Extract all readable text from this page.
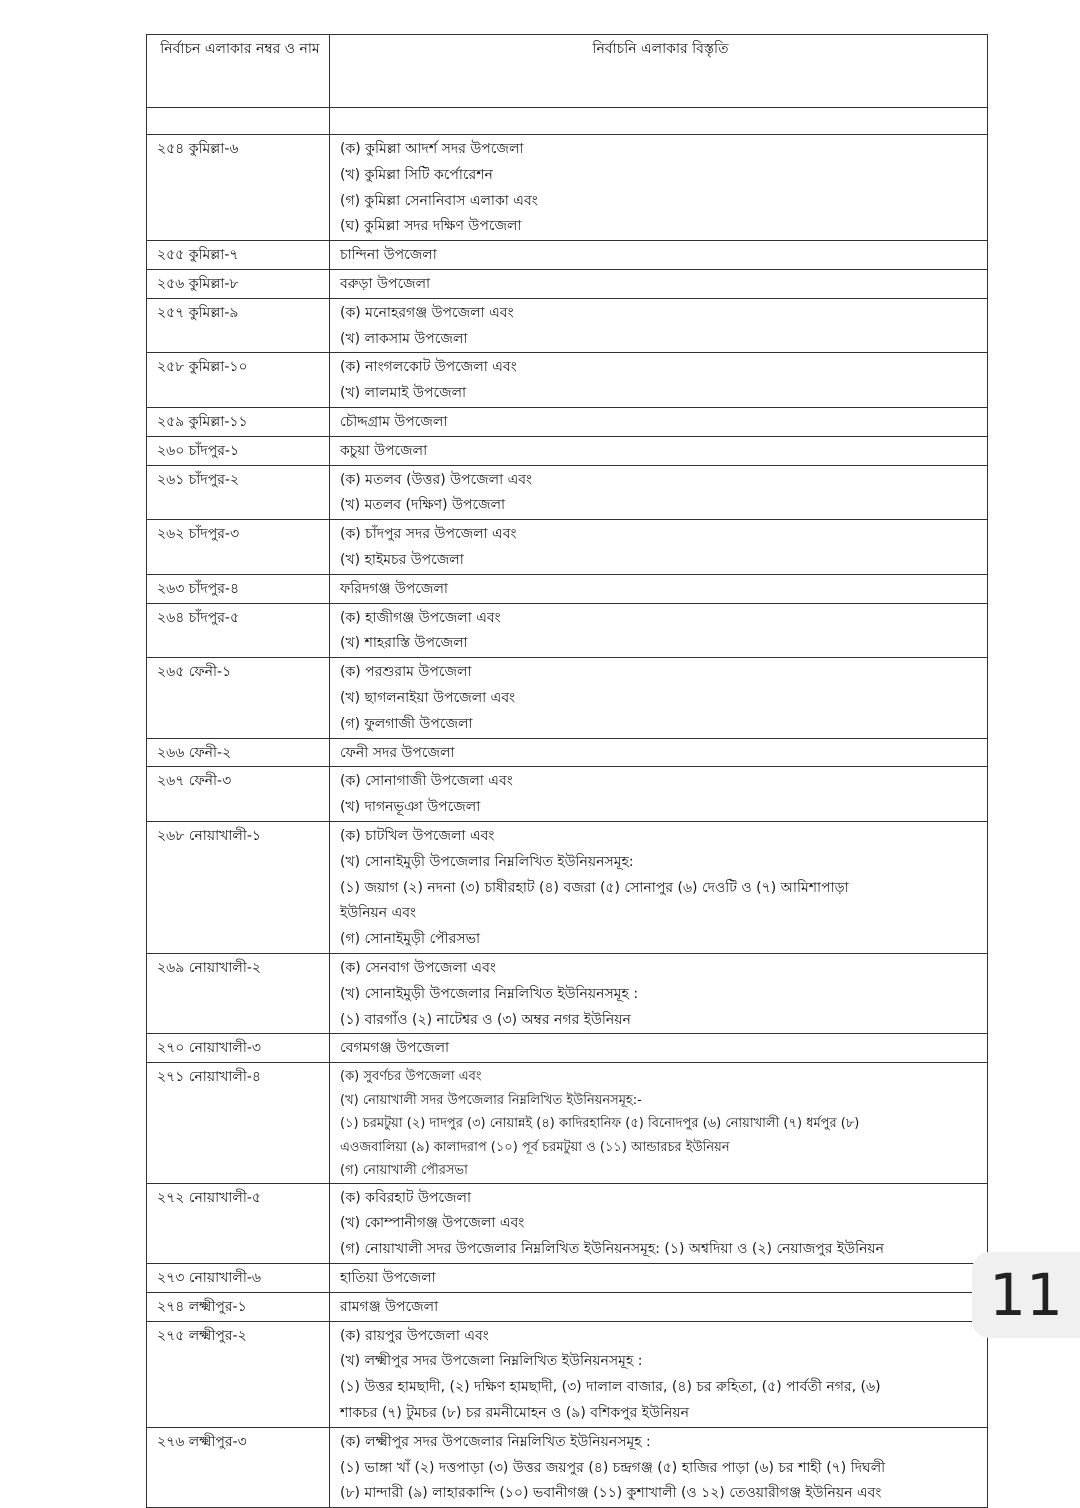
নির্বাচন এলাকার নম্বর ও নাম	নির্বাচনি এলাকার বিস্তৃতি

২৫৪ কুমিল্লা-৬	(ক) কুমিল্লা আদর্শ সদর উপজেলা
(খ) কুমিল্লা সিটি কর্পোরেশন
(গ) কুমিল্লা সেনানিবাস এলাকা এবং
(ঘ) কুমিল্লা সদর দক্ষিণ উপজেলা

২৫৫ কুমিল্লা-৭	চান্দিনা উপজেলা

২৫৬ কুমিল্লা-৮	বরুড়া উপজেলা

২৫৭ কুমিল্লা-৯	(ক) মনোহরগঞ্জ উপজেলা এবং
(খ) লাকসাম উপজেলা

২৫৮ কুমিল্লা-১০	(ক) নাংগলকোট উপজেলা এবং
(খ) লালমাই উপজেলা

২৫৯ কুমিল্লা-১১	চৌদ্দগ্রাম উপজেলা

২৬০ চাঁদপুর-১	কচুয়া উপজেলা

২৬১ চাঁদপুর-২	(ক) মতলব (উত্তর) উপজেলা এবং
(খ) মতলব (দক্ষিণ) উপজেলা

২৬২ চাঁদপুর-৩	(ক) চাঁদপুর সদর উপজেলা এবং
(খ) হাইমচর উপজেলা

২৬৩ চাঁদপুর-৪	ফরিদগঞ্জ উপজেলা

২৬৪ চাঁদপুর-৫	(ক) হাজীগঞ্জ উপজেলা এবং
(খ) শাহরাস্তি উপজেলা

২৬৫ ফেনী-১	(ক) পরশুরাম উপজেলা
(খ) ছাগলনাইয়া উপজেলা এবং
(গ) ফুলগাজী উপজেলা

২৬৬ ফেনী-২	ফেনী সদর উপজেলা

২৬৭ ফেনী-৩	(ক) সোনাগাজী উপজেলা এবং
(খ) দাগনভূঞা উপজেলা

২৬৮ নোয়াখালী-১	(ক) চাটখিল উপজেলা এবং
(খ) সোনাইমুড়ী উপজেলার নিম্নলিখিত ইউনিয়নসমূহ:
(১) জয়াগ (২) নদনা (৩) চাষীরহাট (৪) বজরা (৫) সোনাপুর (৬) দেওটি ও (৭) আমিশাপাড়া
ইউনিয়ন এবং
(গ) সোনাইমুড়ী পৌরসভা

২৬৯ নোয়াখালী-২	(ক) সেনবাগ উপজেলা এবং
(খ) সোনাইমুড়ী উপজেলার নিম্নলিখিত ইউনিয়নসমূহ :
(১) বারগাঁও (২) নাটেশ্বর ও (৩) অম্বর নগর ইউনিয়ন

২৭০ নোয়াখালী-৩	বেগমগঞ্জ উপজেলা

২৭১ নোয়াখালী-৪	(ক) সুবর্ণচর উপজেলা এবং
(খ) নোয়াখালী সদর উপজেলার নিম্নলিখিত ইউনিয়নসমূহ:-
(১) চরমটুয়া (২) দাদপুর (৩) নোয়ান্নই (৪) কাদিরহানিফ (৫) বিনোদপুর (৬) নোয়াখালী (৭) ধর্মপুর (৮)
এওজবালিয়া (৯) কালাদরাপ (১০) পূর্ব চরমটুয়া ও (১১) আন্ডারচর ইউনিয়ন
(গ) নোয়াখালী পৌরসভা

২৭২ নোয়াখালী-৫	(ক) কবিরহাট উপজেলা
(খ) কোম্পানীগঞ্জ উপজেলা এবং
(গ) নোয়াখালী সদর উপজেলার নিম্নলিখিত ইউনিয়নসমূহ: (১) অশ্বদিয়া ও (২) নেয়াজপুর ইউনিয়ন

২৭৩ নোয়াখালী-৬	হাতিয়া উপজেলা

২৭৪ লক্ষ্মীপুর-১	রামগঞ্জ উপজেলা

২৭৫ লক্ষ্মীপুর-২	(ক) রায়পুর উপজেলা এবং
(খ) লক্ষ্মীপুর সদর উপজেলা নিম্নলিখিত ইউনিয়নসমূহ :
(১) উত্তর হামছাদী, (২) দক্ষিণ হামছাদী, (৩) দালাল বাজার, (৪) চর রুহিতা, (৫) পার্বতী নগর, (৬)
শাকচর (৭) টুমচর (৮) চর রমনীমোহন ও (৯) বশিকপুর ইউনিয়ন

২৭৬ লক্ষ্মীপুর-৩	(ক) লক্ষ্মীপুর সদর উপজেলার নিম্নলিখিত ইউনিয়নসমূহ :
(১) ভাঙ্গা খাঁ (২) দত্তপাড়া (৩) উত্তর জয়পুর (৪) চন্দ্রগঞ্জ (৫) হাজির পাড়া (৬) চর শাহী (৭) দিঘলী
(৮) মান্দারী (৯) লাহারকান্দি (১০) ভবানীগঞ্জ (১১) কুশাখালী (ও ১২) তেওয়ারীগঞ্জ ইউনিয়ন এবং
11
